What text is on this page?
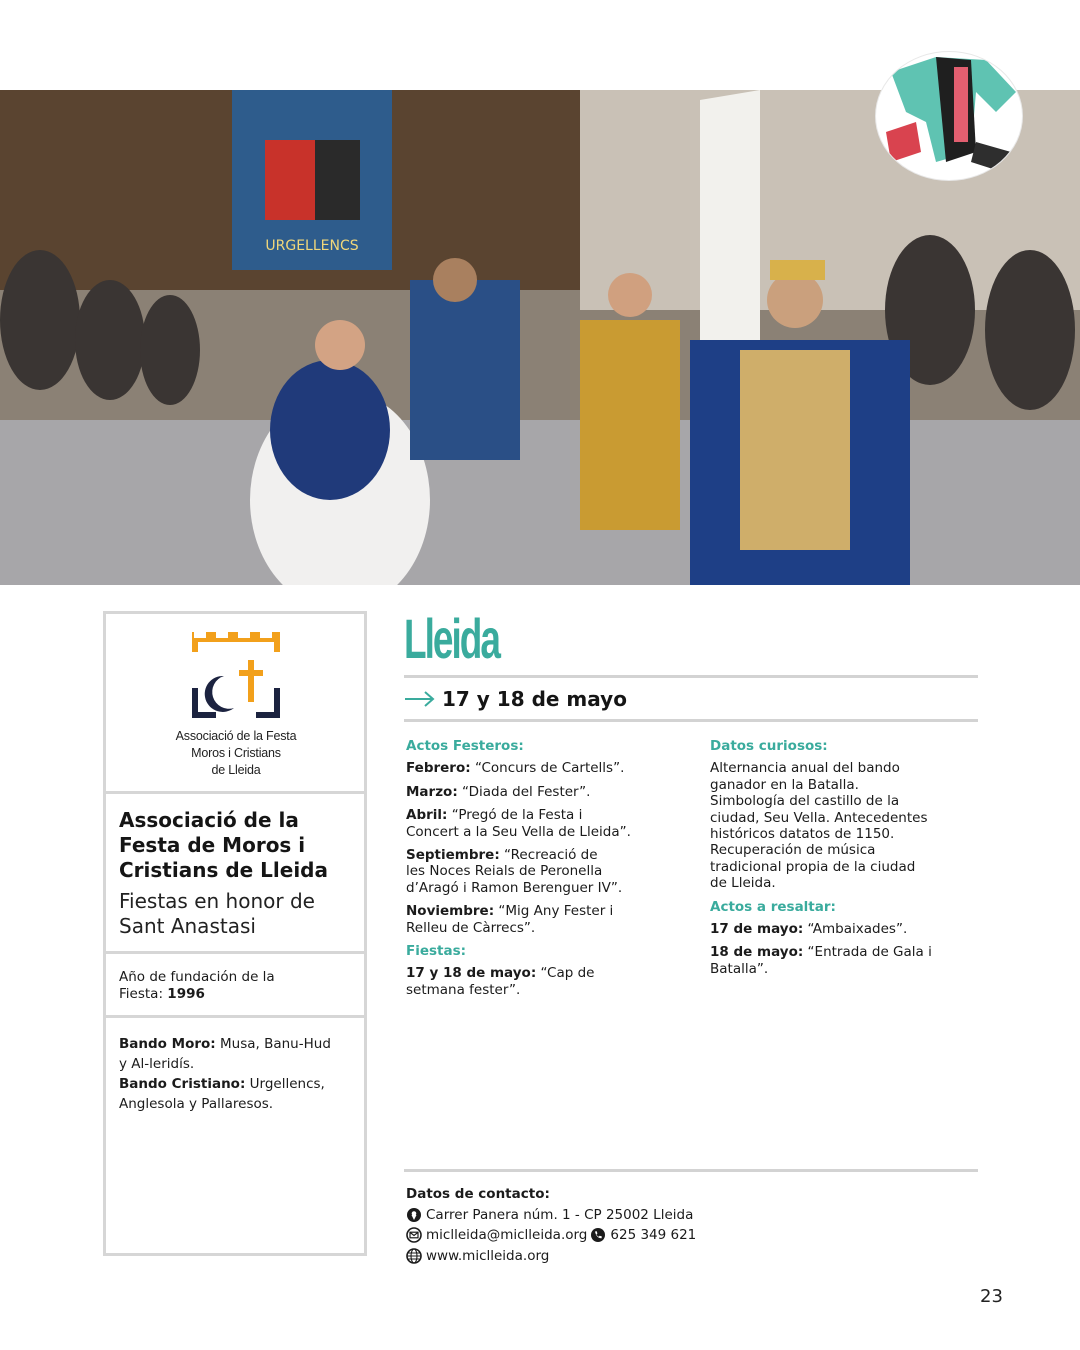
URGELLENCS
Associació de la Festa
Moros i Cristians
de Lleida
Associació de la
Festa de Moros i
Cristians de Lleida
Fiestas en honor de
Sant Anastasi
Año de fundación de la
Fiesta: 1996
Bando Moro: Musa, Banu-Hud
y Al-leridís.
Bando Cristiano: Urgellencs,
Anglesola y Pallaresos.
Lleida
17 y 18 de mayo
Actos Festeros:
Febrero: “Concurs de Cartells”.
Marzo: “Diada del Fester”.
Abril: “Pregó de la Festa i
Concert a la Seu Vella de Lleida”.
Septiembre: “Recreació de
les Noces Reials de Peronella
d’Aragó i Ramon Berenguer IV”.
Noviembre: “Mig Any Fester i
Relleu de Càrrecs”.
Fiestas:
17 y 18 de mayo: “Cap de
setmana fester”.
Datos curiosos:
Alternancia anual del bando
ganador en la Batalla.
Simbología del castillo de la
ciudad, Seu Vella. Antecedentes
históricos datatos de 1150.
Recuperación de música
tradicional propia de la ciudad
de Lleida.
Actos a resaltar:
17 de mayo: “Ambaixades”.
18 de mayo: “Entrada de Gala i
Batalla”.
Datos de contacto:
Carrer Panera núm. 1 - CP 25002 Lleida
miclleida@miclleida.org 625 349 621
www.miclleida.org
23
